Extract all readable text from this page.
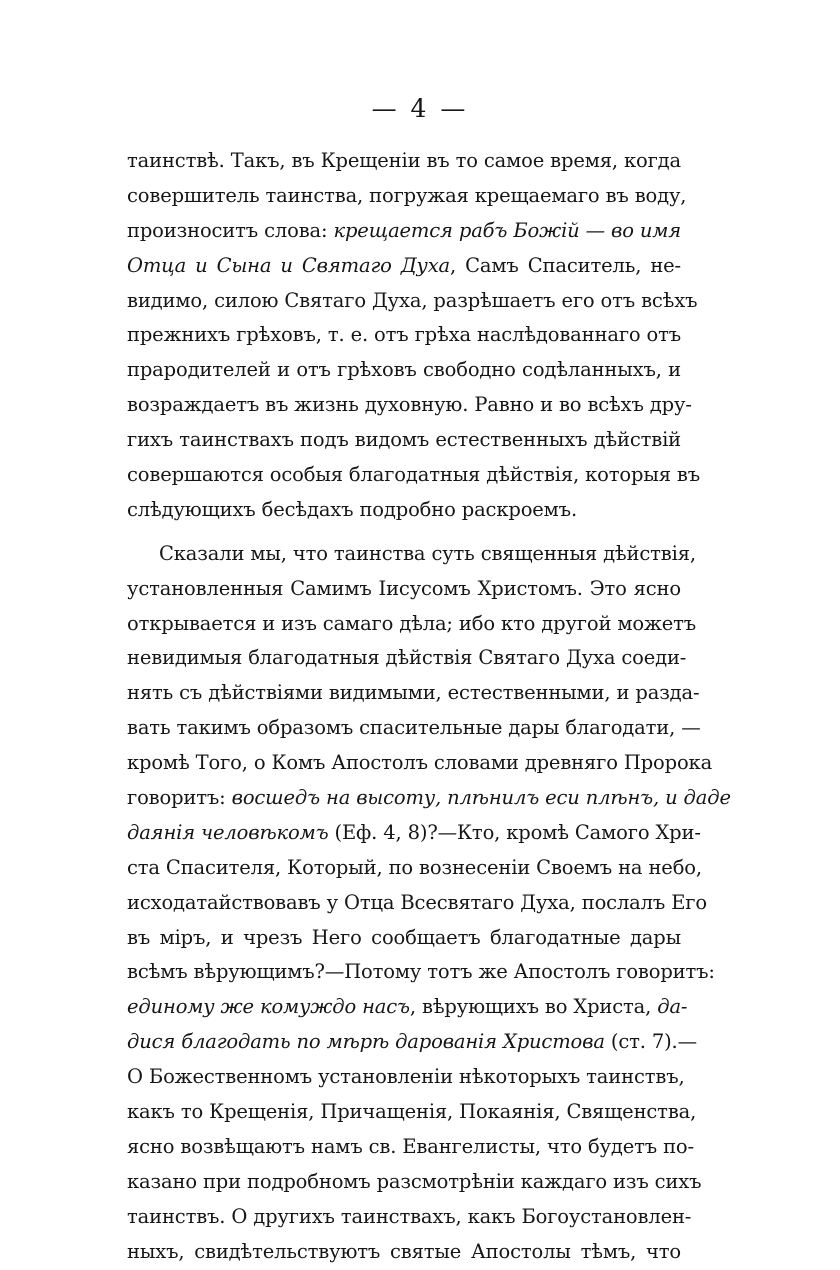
— 4 —
таинствѣ. Такъ, въ Крещеніи въ то самое время, когда
совершитель таинства, погружая крещаемаго въ воду,
произноситъ слова: крещается рабъ Божій — во имя
Отца и Сына и Святаго Духа, Самъ Спаситель, не-
видимо, силою Святаго Духа, разрѣшаетъ его отъ всѣхъ
прежнихъ грѣховъ, т. е. отъ грѣха наслѣдованнаго отъ
прародителей и отъ грѣховъ свободно содѣланныхъ, и
возраждаетъ въ жизнь духовную. Равно и во всѣхъ дру-
гихъ таинствахъ подъ видомъ естественныхъ дѣйствій
совершаются особыя благодатныя дѣйствія, которыя въ
слѣдующихъ бесѣдахъ подробно раскроемъ.
Сказали мы, что таинства суть священныя дѣйствія,
установленныя Самимъ Іисусомъ Христомъ. Это ясно
открывается и изъ самаго дѣла; ибо кто другой можетъ
невидимыя благодатныя дѣйствія Святаго Духа соеди-
нять съ дѣйствіями видимыми, естественными, и разда-
вать такимъ образомъ спасительные дары благодати, —
кромѣ Того, о Комъ Апостолъ словами древняго Пророка
говоритъ: восшедъ на высоту, плѣнилъ еси плѣнъ, и даде
даянія человѣкомъ (Еф. 4, 8)?—Кто, кромѣ Самого Хри-
ста Спасителя, Который, по вознесеніи Своемъ на небо,
исходатайствовавъ у Отца Всесвятаго Духа, послалъ Его
въ міръ, и чрезъ Него сообщаетъ благодатные дары
всѣмъ вѣрующимъ?—Потому тотъ же Апостолъ говоритъ:
единому же комуждо насъ, вѣрующихъ во Христа, да-
дися благодать по мѣрѣ дарованія Христова (ст. 7).—
О Божественномъ установленіи нѣкоторыхъ таинствъ,
какъ то Крещенія, Причащенія, Покаянія, Священства,
ясно возвѣщаютъ намъ св. Евангелисты, что будетъ по-
казано при подробномъ разсмотрѣніи каждаго изъ сихъ
таинствъ. О другихъ таинствахъ, какъ Богоустановлен-
ныхъ, свидѣтельствуютъ святые Апостолы тѣмъ, что
